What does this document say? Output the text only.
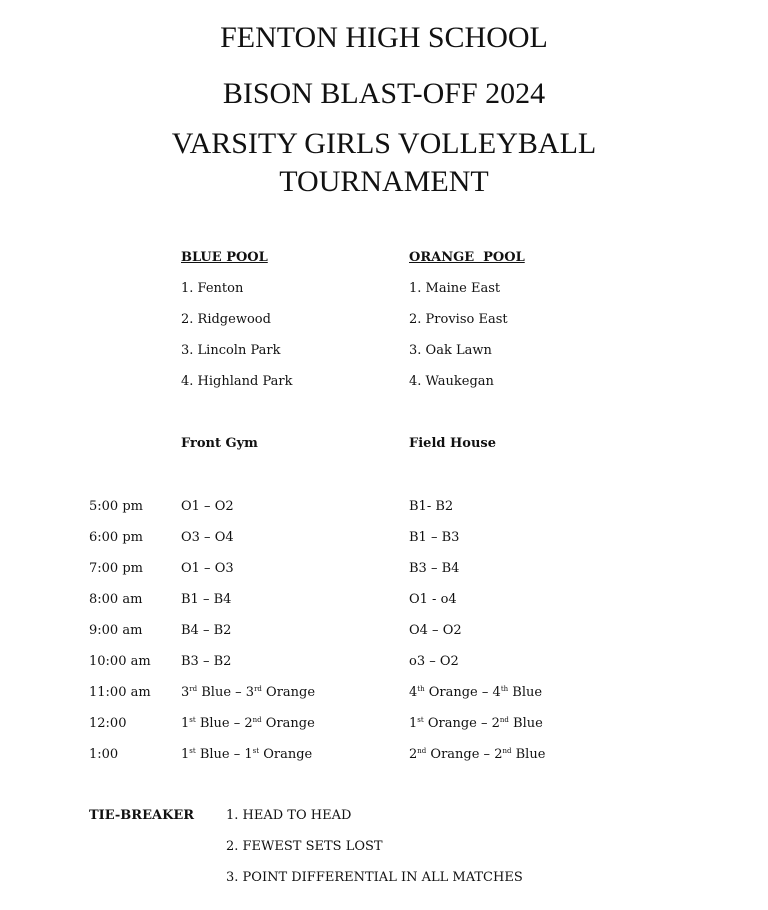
FENTON HIGH SCHOOL
BISON BLAST-OFF 2024
VARSITY GIRLS VOLLEYBALL
TOURNAMENT
BLUE POOL
1. Fenton
2. Ridgewood
3. Lincoln Park
4. Highland Park
ORANGE  POOL
1. Maine East
2. Proviso East
3. Oak Lawn
4. Waukegan
Front Gym	Field House
5:00 pm	O1 – O2	B1- B2
6:00 pm	O3 – O4	B1 – B3
7:00 pm	O1 – O3	B3 – B4
8:00 am	B1 – B4	O1 - o4
9:00 am	B4 – B2	O4 – O2
10:00 am B3 – B2	o3 – O2
11:00 am 3rd Blue – 3rd Orange	4th Orange – 4th Blue
12:00	1st Blue – 2nd Orange	1st Orange – 2nd Blue
1:00	1st Blue – 1st Orange	2nd Orange – 2nd Blue
TIE-BREAKER 1. HEAD TO HEAD
2. FEWEST SETS LOST
3. POINT DIFFERENTIAL IN ALL MATCHES
